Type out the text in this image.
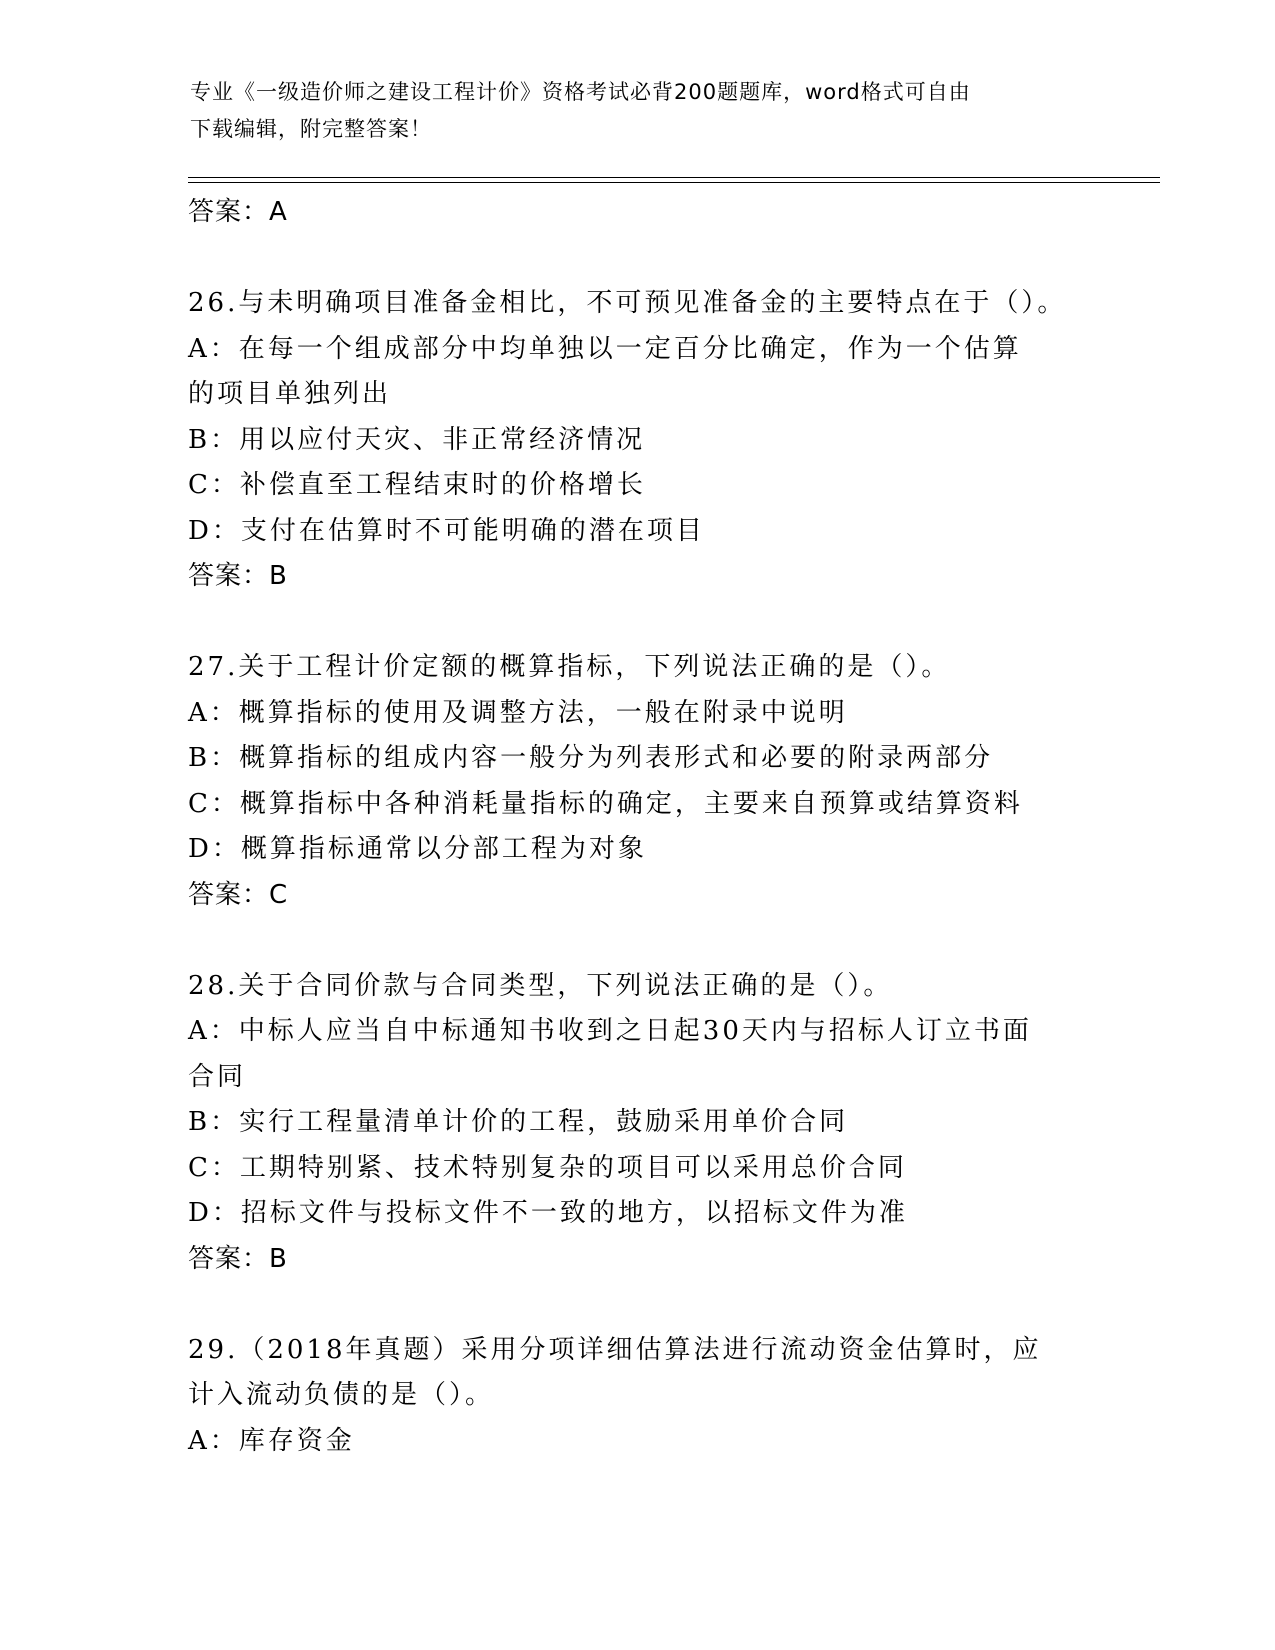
专业《一级造价师之建设工程计价》资格考试必背200题题库，word格式可自由
下载编辑，附完整答案！
答案：A
26.与未明确项目准备金相比，不可预见准备金的主要特点在于（）。
A：在每一个组成部分中均单独以一定百分比确定，作为一个估算的项目单独列出
B：用以应付天灾、非正常经济情况
C：补偿直至工程结束时的价格增长
D：支付在估算时不可能明确的潜在项目
答案：B
27.关于工程计价定额的概算指标，下列说法正确的是（）。
A：概算指标的使用及调整方法，一般在附录中说明
B：概算指标的组成内容一般分为列表形式和必要的附录两部分
C：概算指标中各种消耗量指标的确定，主要来自预算或结算资料
D：概算指标通常以分部工程为对象
答案：C
28.关于合同价款与合同类型，下列说法正确的是（）。
A：中标人应当自中标通知书收到之日起30天内与招标人订立书面合同
B：实行工程量清单计价的工程，鼓励采用单价合同
C：工期特别紧、技术特别复杂的项目可以采用总价合同
D：招标文件与投标文件不一致的地方，以招标文件为准
答案：B
29.（2018年真题）采用分项详细估算法进行流动资金估算时，应计入流动负债的是（）。
A：库存资金
